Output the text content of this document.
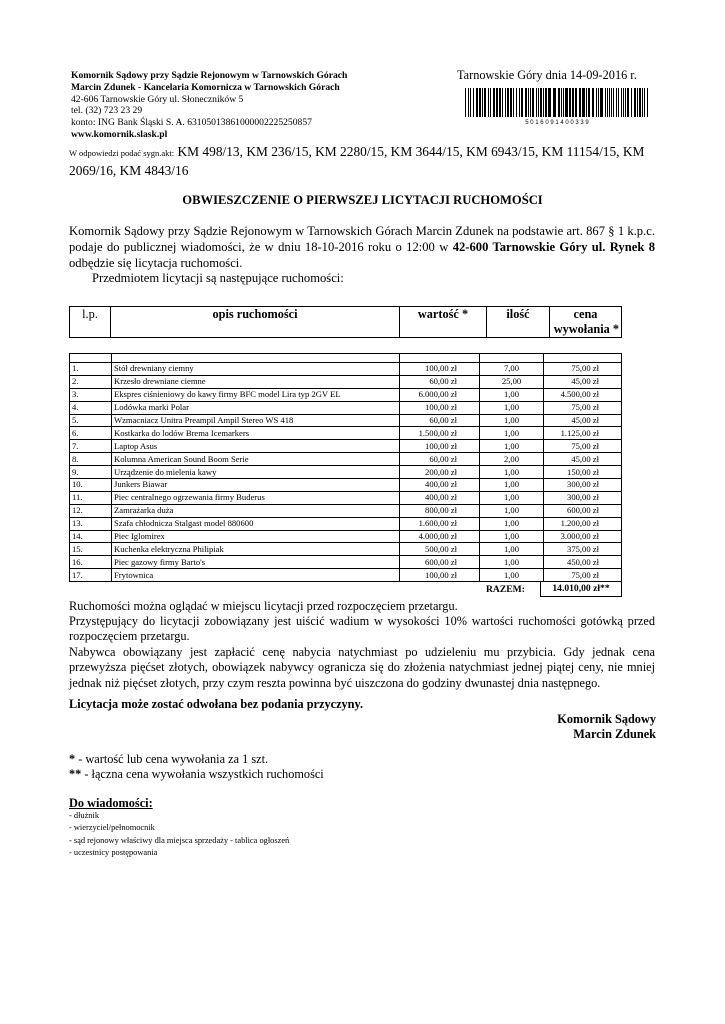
Komornik Sądowy przy Sądzie Rejonowym w Tarnowskich Górach
Marcin Zdunek - Kancelaria Komornicza w Tarnowskich Górach
42-606 Tarnowskie Góry ul. Słoneczników 5
tel. (32) 723 23 29
konto: ING Bank Śląski S. A. 63105013861000002225250857
www.komornik.slask.pl
Tarnowskie Góry dnia 14-09-2016 r.
5 0 1 6 0 9 1 4 0 0 3 3 9
W odpowiedzi podać sygn.akt: KM 498/13, KM 236/15, KM 2280/15, KM 3644/15, KM 6943/15, KM 11154/15, KM 2069/16, KM 4843/16
OBWIESZCZENIE O PIERWSZEJ LICYTACJI RUCHOMOŚCI
Komornik Sądowy przy Sądzie Rejonowym w Tarnowskich Górach Marcin Zdunek na podstawie art. 867 § 1 k.p.c. podaje do publicznej wiadomości, że w dniu 18-10-2016 roku o 12:00 w 42-600 Tarnowskie Góry ul. Rynek 8 odbędzie się licytacja ruchomości.
Przedmiotem licytacji są następujące ruchomości:
l.p.	opis ruchomości	wartość *	ilość	cena
wywołania *

1.	Stół drewniany ciemny	100,00 zł	7,00	75,00 zł
2.	Krzesło drewniane ciemne	60,00 zł	25,00	45,00 zł
3.	Ekspres ciśnieniowy do kawy firmy BFC model Lira typ 2GV EL	6.000,00 zł	1,00	4.500,00 zł
4.	Lodówka marki Polar	100,00 zł	1,00	75,00 zł
5.	Wzmacniacz Unitra Preampil Ampil Stereo WS 418	60,00 zł	1,00	45,00 zł
6.	Kostkarka do lodów Brema Icemarkers	1.500,00 zł	1,00	1.125,00 zł
7.	Laptop Asus	100,00 zł	1,00	75,00 zł
8.	Kolumna American Sound Boom Serie	60,00 zł	2,00	45,00 zł
9.	Urządzenie do mielenia kawy	200,00 zł	1,00	150,00 zł
10.	Junkers Biawar	400,00 zł	1,00	300,00 zł
11.	Piec centralnego ogrzewania firmy Buderus	400,00 zł	1,00	300,00 zł
12.	Zamrażarka duża	800,00 zł	1,00	600,00 zł
13.	Szafa chłodnicza Stalgast model 880600	1.600,00 zł	1,00	1.200,00 zł
14.	Piec Iglomirex	4.000,00 zł	1,00	3.000,00 zł
15.	Kuchenka elektryczna Philipiak	500,00 zł	1,00	375,00 zł
16.	Piec gazowy firmy Barto's	600,00 zł	1,00	450,00 zł
17.	Frytownica	100,00 zł	1,00	75,00 zł
RAZEM:	14.010,00 zł**
Ruchomości można oglądać w miejscu licytacji przed rozpoczęciem przetargu.
Przystępujący do licytacji zobowiązany jest uiścić wadium w wysokości 10% wartości ruchomości gotówką przed rozpoczęciem przetargu.
Nabywca obowiązany jest zapłacić cenę nabycia natychmiast po udzieleniu mu przybicia. Gdy jednak cena przewyższa pięćset złotych, obowiązek nabywcy ogranicza się do złożenia natychmiast jednej piątej ceny, nie mniej jednak niż pięćset złotych, przy czym reszta powinna być uiszczona do godziny dwunastej dnia następnego.
Licytacja może zostać odwołana bez podania przyczyny.
Komornik Sądowy
Marcin Zdunek
* - wartość lub cena wywołania za 1 szt.
** - łączna cena wywołania wszystkich ruchomości
Do wiadomości:
- dłużnik
- wierzyciel/pełnomocnik
- sąd rejonowy właściwy dla miejsca sprzedaży - tablica ogłoszeń
- uczestnicy postępowania
